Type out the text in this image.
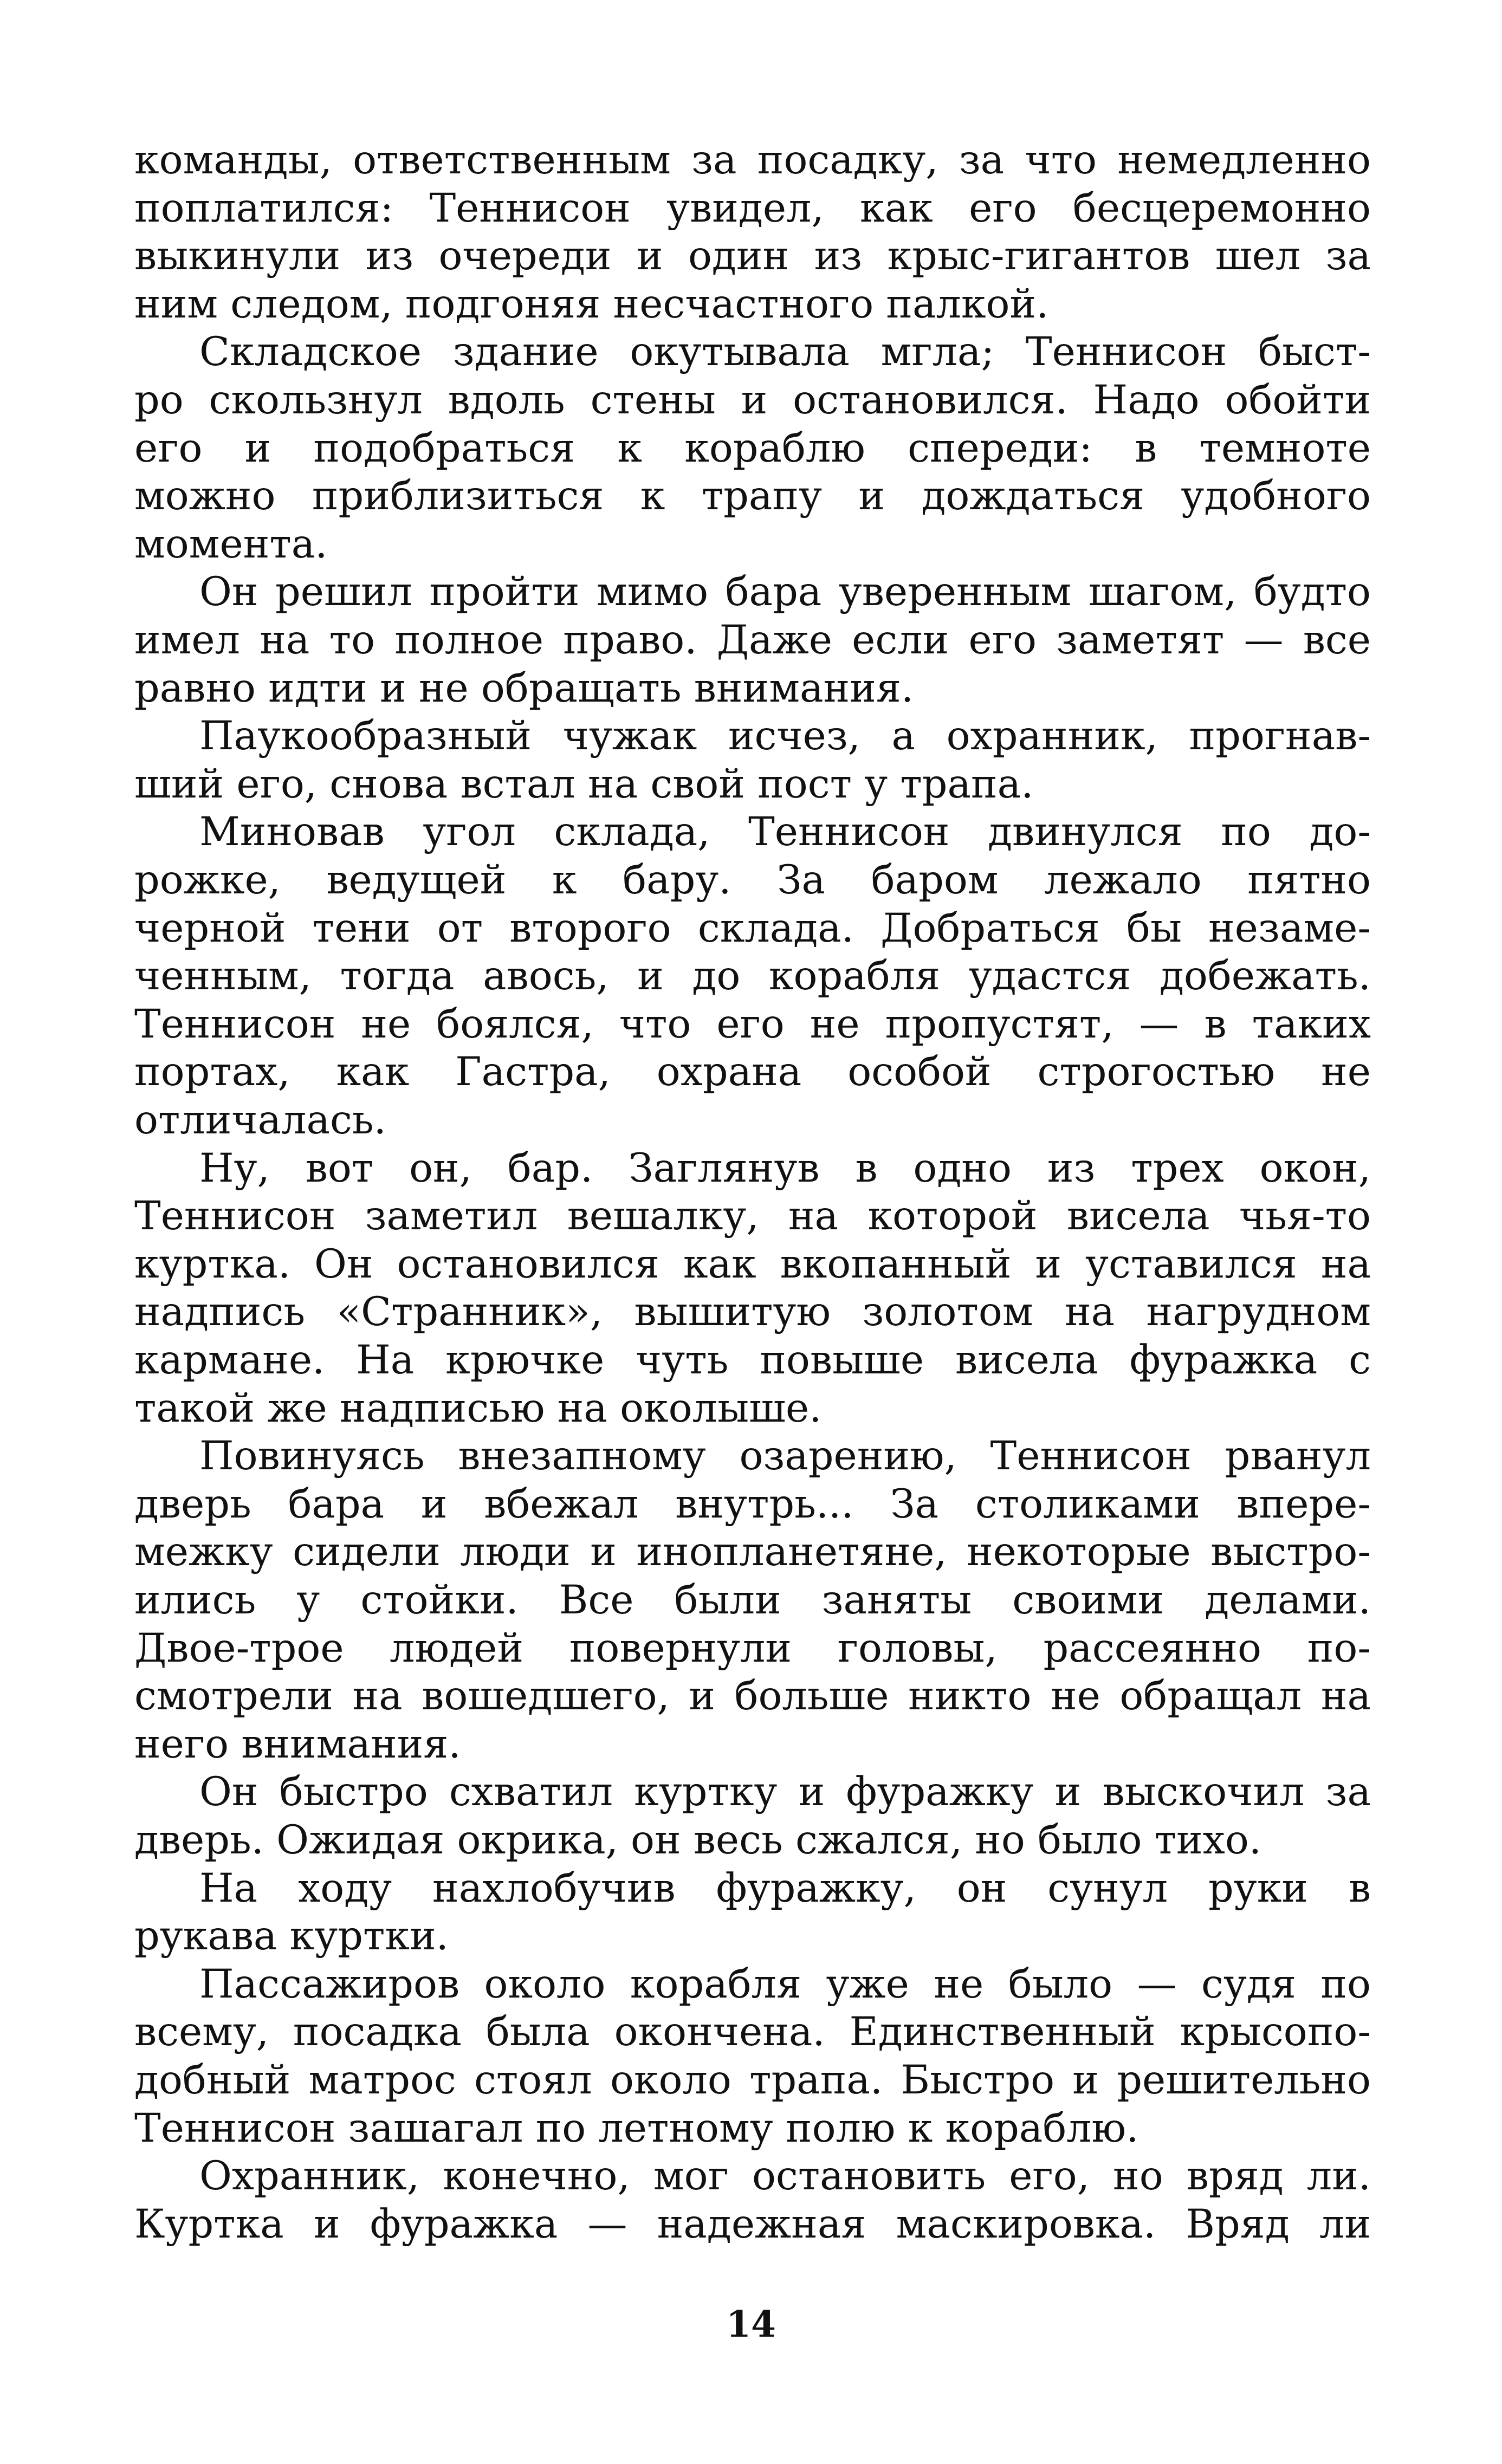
команды, ответственным за посадку, за что немедленно
поплатился: Теннисон увидел, как его бесцеремонно
выкинули из очереди и один из крыс-гигантов шел за
ним следом, подгоняя несчастного палкой.
Складское здание окутывала мгла; Теннисон быст-
ро скользнул вдоль стены и остановился. Надо обойти
его и подобраться к кораблю спереди: в темноте
можно приблизиться к трапу и дождаться удобного
момента.
Он решил пройти мимо бара уверенным шагом, будто
имел на то полное право. Даже если его заметят — все
равно идти и не обращать внимания.
Паукообразный чужак исчез, а охранник, прогнав-
ший его, снова встал на свой пост у трапа.
Миновав угол склада, Теннисон двинулся по до-
рожке, ведущей к бару. За баром лежало пятно
черной тени от второго склада. Добраться бы незаме-
ченным, тогда авось, и до корабля удастся добежать.
Теннисон не боялся, что его не пропустят, — в таких
портах, как Гастра, охрана особой строгостью не
отличалась.
Ну, вот он, бар. Заглянув в одно из трех окон,
Теннисон заметил вешалку, на которой висела чья-то
куртка. Он остановился как вкопанный и уставился на
надпись «Странник», вышитую золотом на нагрудном
кармане. На крючке чуть повыше висела фуражка с
такой же надписью на околыше.
Повинуясь внезапному озарению, Теннисон рванул
дверь бара и вбежал внутрь... За столиками впере-
межку сидели люди и инопланетяне, некоторые выстро-
ились у стойки. Все были заняты своими делами.
Двое-трое людей повернули головы, рассеянно по-
смотрели на вошедшего, и больше никто не обращал на
него внимания.
Он быстро схватил куртку и фуражку и выскочил за
дверь. Ожидая окрика, он весь сжался, но было тихо.
На ходу нахлобучив фуражку, он сунул руки в
рукава куртки.
Пассажиров около корабля уже не было — судя по
всему, посадка была окончена. Единственный крысопо-
добный матрос стоял около трапа. Быстро и решительно
Теннисон зашагал по летному полю к кораблю.
Охранник, конечно, мог остановить его, но вряд ли.
Куртка и фуражка — надежная маскировка. Вряд ли
14
